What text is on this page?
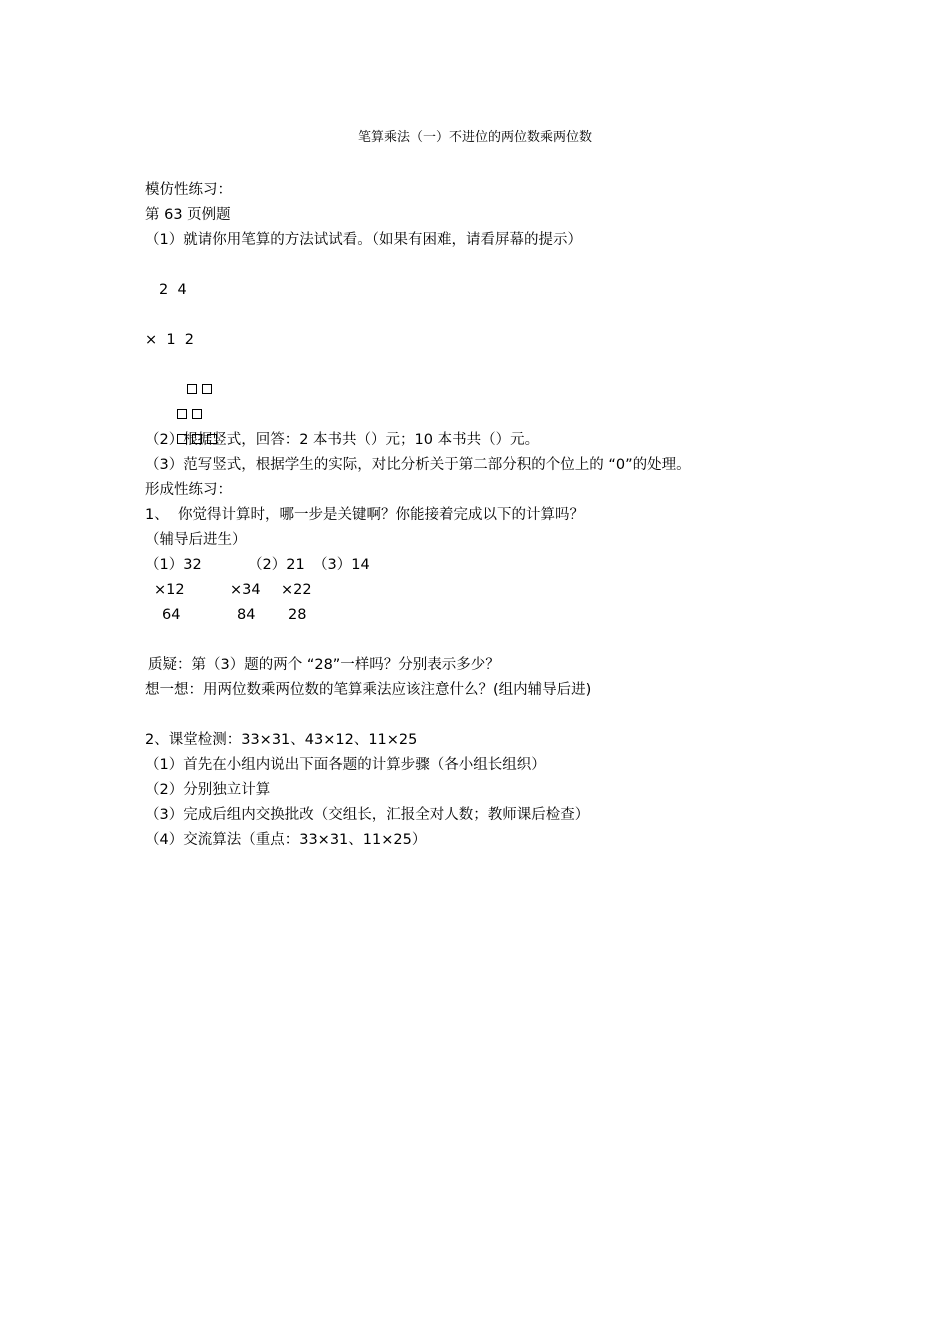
笔算乘法（一）不进位的两位数乘两位数
模仿性练习：
第 63 页例题
（1）就请你用笔算的方法试试看。（如果有困难，请看屏幕的提示）
2  4
×  1  2

（2）根据竖式，回答：2 本书共（）元；10 本书共（）元。
（3）范写竖式，根据学生的实际，对比分析关于第二部分积的个位上的 “0”的处理。
形成性练习：
1、  你觉得计算时，哪一步是关键啊？你能接着完成以下的计算吗？
（辅导后进生）
（1）32	（2）21 （3）14
×12	×34 ×22
64	84 28
质疑：第（3）题的两个 “28”一样吗？分别表示多少？
想一想：用两位数乘两位数的笔算乘法应该注意什么？(组内辅导后进)
2、课堂检测：33×31、43×12、11×25
（1）首先在小组内说出下面各题的计算步骤（各小组长组织）
（2）分别独立计算
（3）完成后组内交换批改（交组长，汇报全对人数；教师课后检查）
（4）交流算法（重点：33×31、11×25）
